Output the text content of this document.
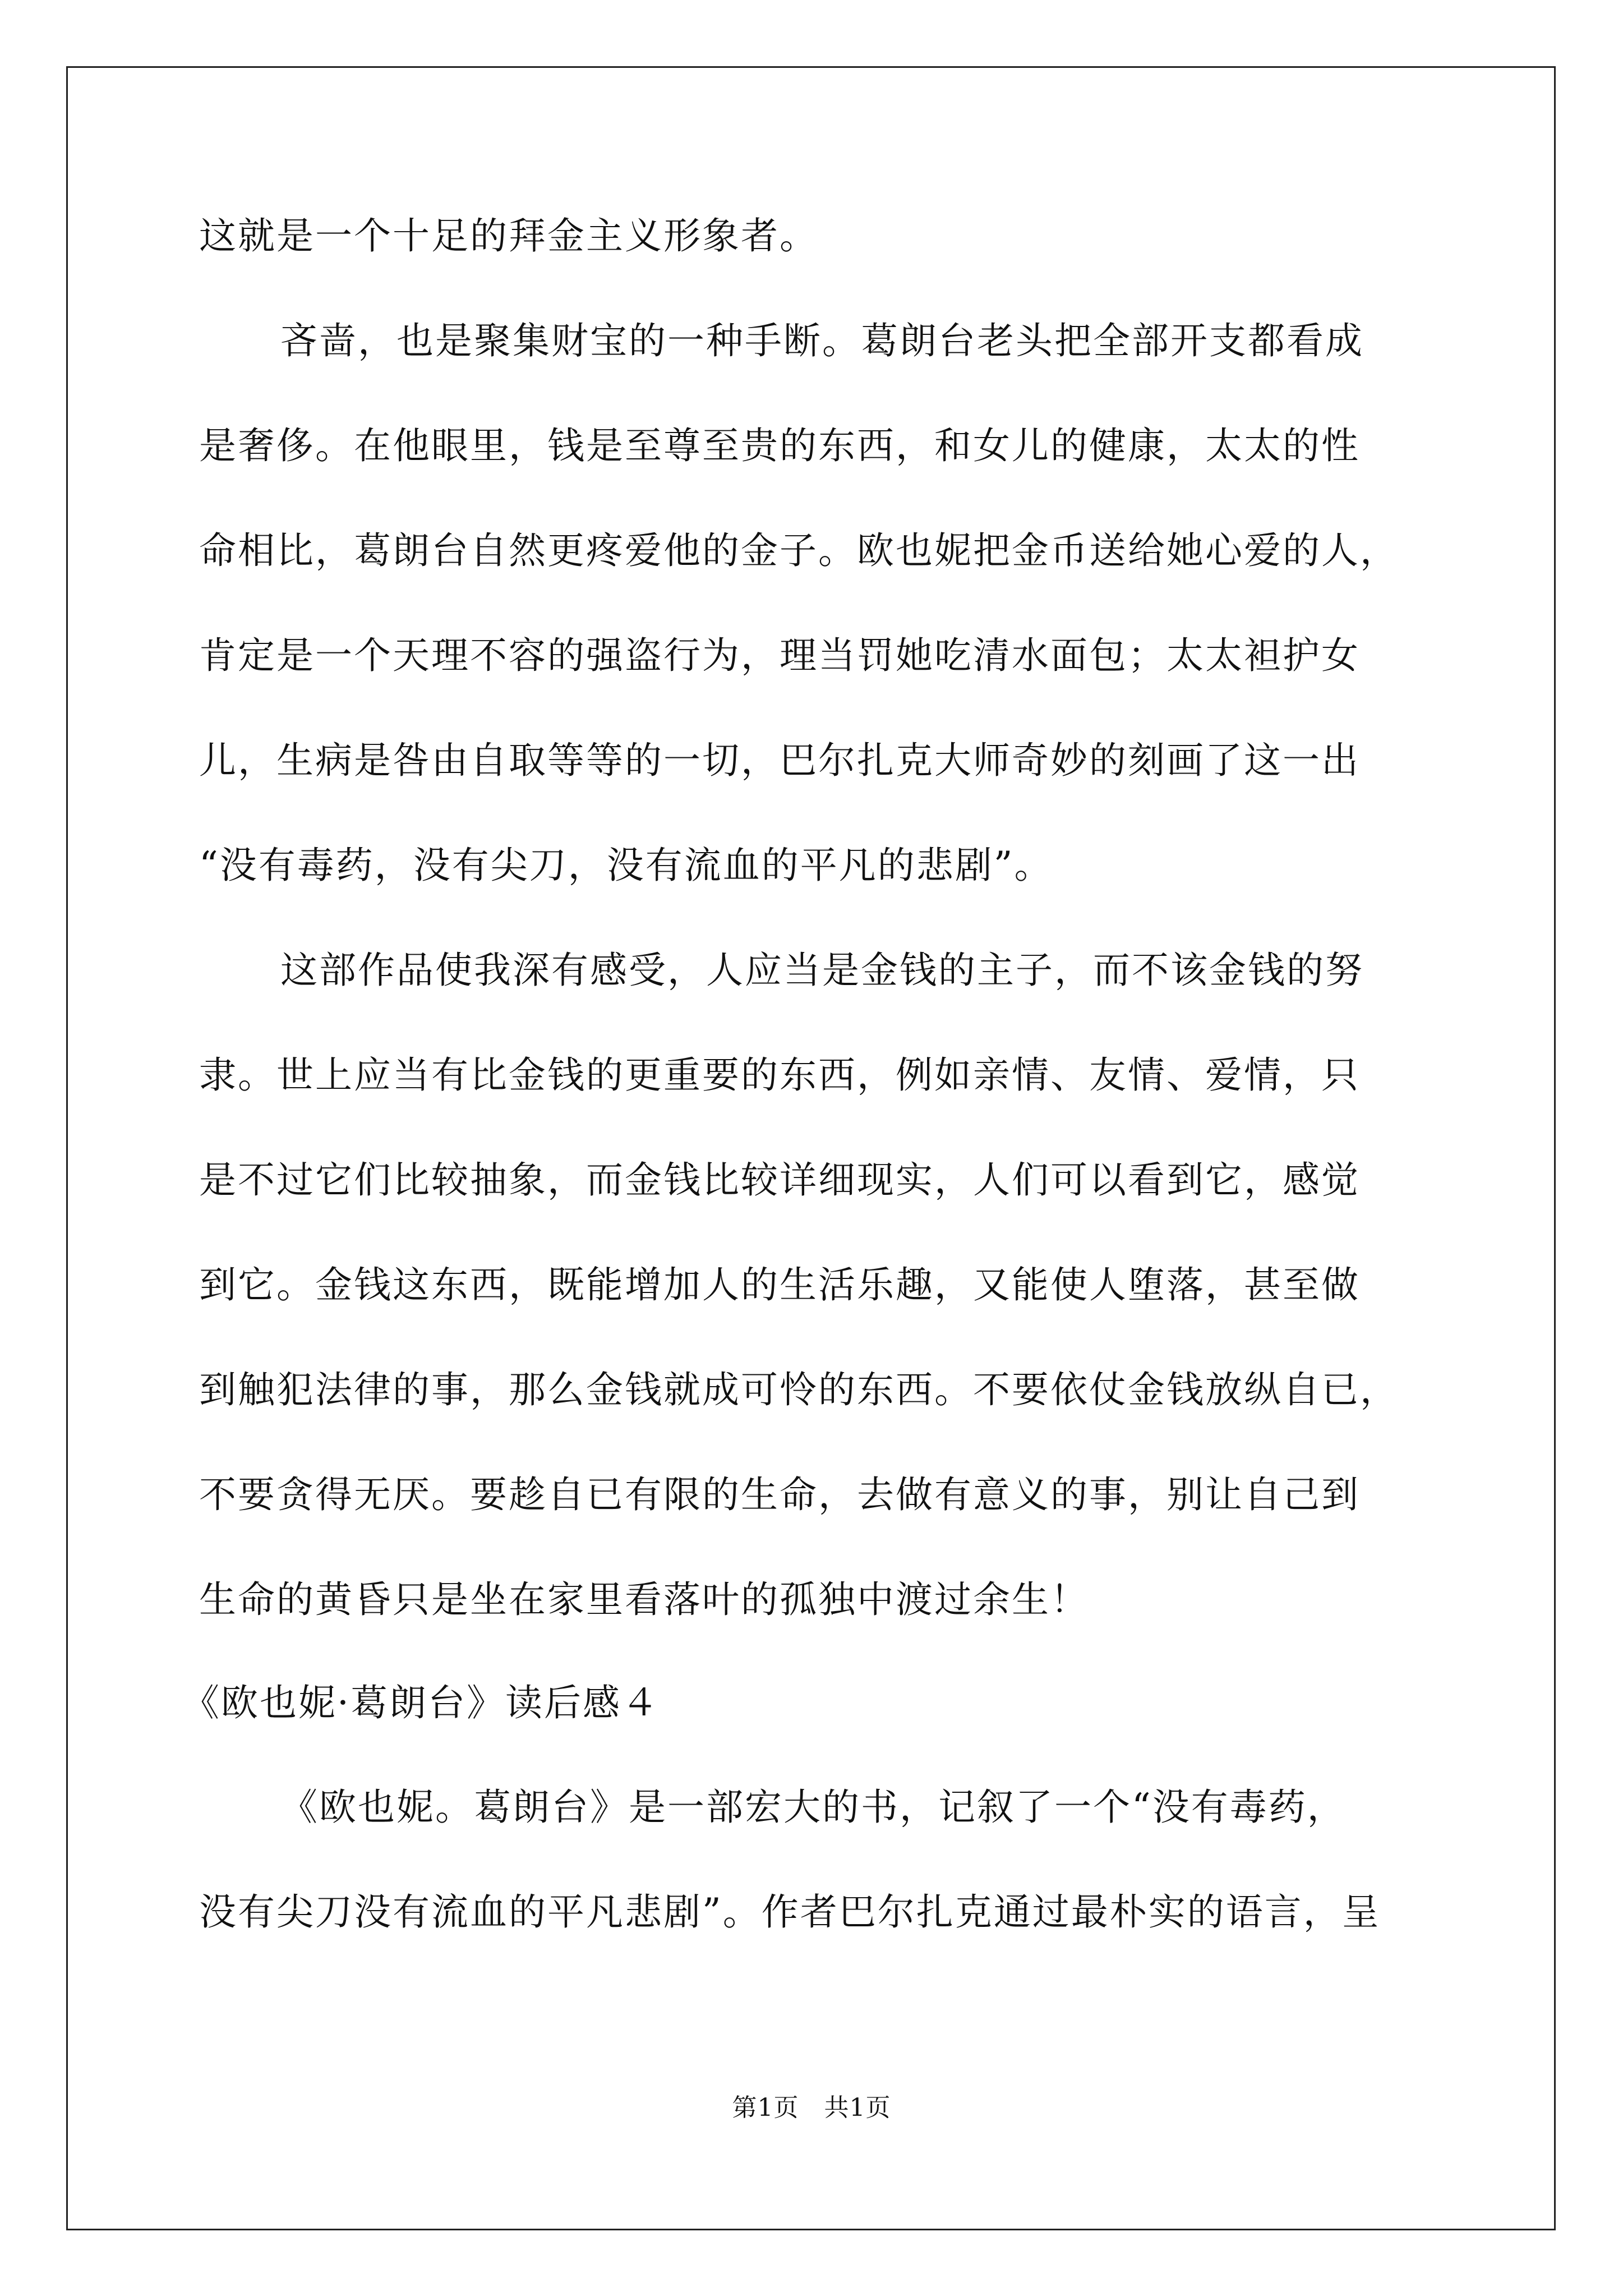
这就是一个十足的拜金主义形象者。
吝啬，也是聚集财宝的一种手断。葛朗台老头把全部开支都看成
是奢侈。在他眼里，钱是至尊至贵的东西，和女儿的健康，太太的性
命相比，葛朗台自然更疼爱他的金子。欧也妮把金币送给她心爱的人，
肯定是一个天理不容的强盗行为，理当罚她吃清水面包；太太袒护女
儿，生病是咎由自取等等的一切，巴尔扎克大师奇妙的刻画了这一出
“没有毒药，没有尖刀，没有流血的平凡的悲剧”。
这部作品使我深有感受，人应当是金钱的主子，而不该金钱的努
隶。世上应当有比金钱的更重要的东西，例如亲情、友情、爱情，只
是不过它们比较抽象，而金钱比较详细现实，人们可以看到它，感觉
到它。金钱这东西，既能增加人的生活乐趣，又能使人堕落，甚至做
到触犯法律的事，那么金钱就成可怜的东西。不要依仗金钱放纵自已，
不要贪得无厌。要趁自已有限的生命，去做有意义的事，别让自己到
生命的黄昏只是坐在家里看落叶的孤独中渡过余生！
《欧也妮·葛朗台》读后感４
《欧也妮。葛朗台》是一部宏大的书，记叙了一个“没有毒药，
没有尖刀没有流血的平凡悲剧”。作者巴尔扎克通过最朴实的语言，呈
第1页　共1页
